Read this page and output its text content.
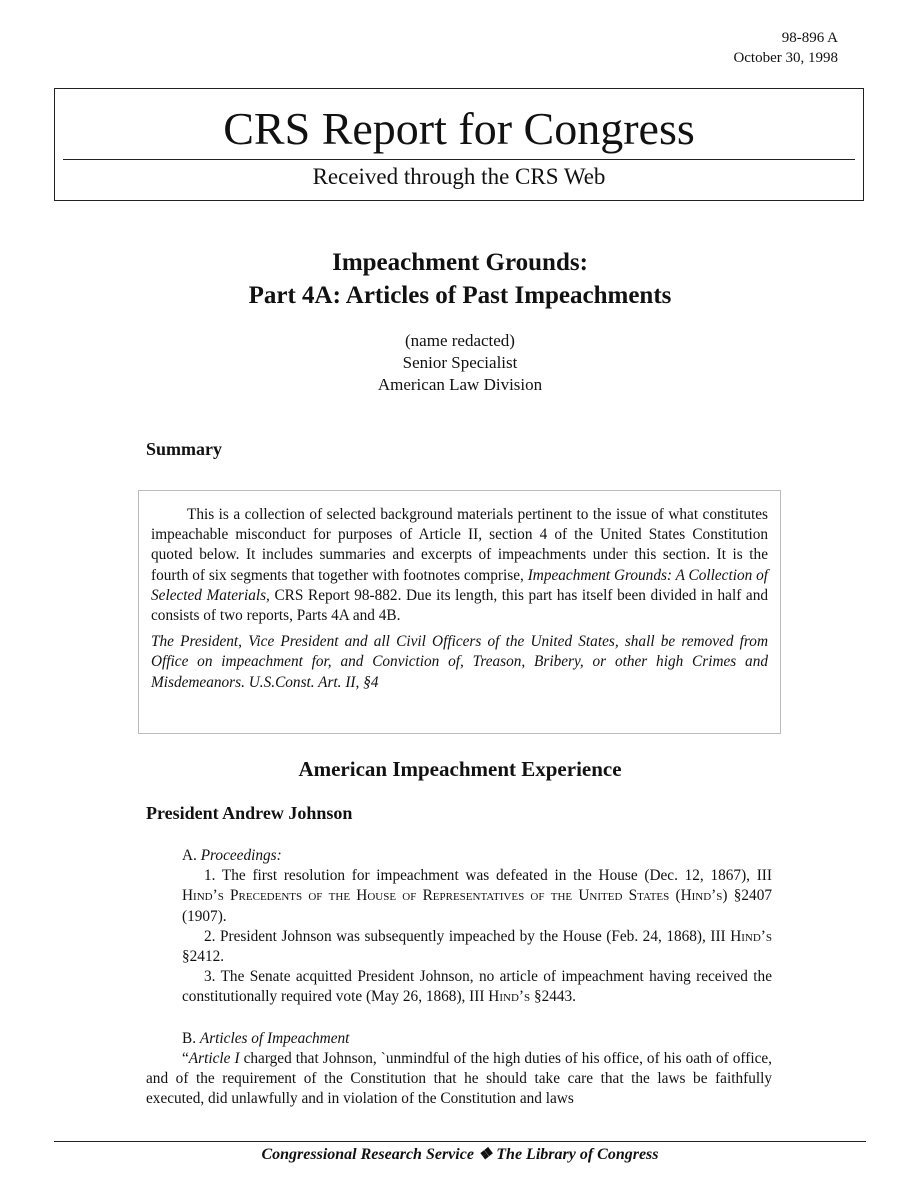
98-896 A
October 30, 1998
CRS Report for Congress
Received through the CRS Web
Impeachment Grounds:
Part 4A: Articles of Past Impeachments
(name redacted)
Senior Specialist
American Law Division
Summary

This is a collection of selected background materials pertinent to the issue of what constitutes impeachable misconduct for purposes of Article II, section 4 of the United States Constitution quoted below. It includes summaries and excerpts of impeachments under this section. It is the fourth of six segments that together with footnotes comprise, Impeachment Grounds: A Collection of Selected Materials, CRS Report 98-882. Due its length, this part has itself been divided in half and consists of two reports, Parts 4A and 4B.

The President, Vice President and all Civil Officers of the United States, shall be removed from Office on impeachment for, and Conviction of, Treason, Bribery, or other high Crimes and Misdemeanors. U.S.Const. Art. II, §4

American Impeachment Experience
President Andrew Johnson

A. Proceedings:

1. The first resolution for impeachment was defeated in the House (Dec. 12, 1867), III Hind’s Precedents of the House of Representatives of the United States (Hind’s) §2407 (1907).

2. President Johnson was subsequently impeached by the House (Feb. 24, 1868), III Hind’s §2412.

3. The Senate acquitted President Johnson, no article of impeachment having received the constitutionally required vote (May 26, 1868), III Hind’s §2443.

B. Articles of Impeachment

“Article I charged that Johnson, `unmindful of the high duties of his office, of his oath of office, and of the requirement of the Constitution that he should take care that the laws be faithfully executed, did unlawfully and in violation of the Constitution and laws

Congressional Research Service ❖ The Library of Congress
